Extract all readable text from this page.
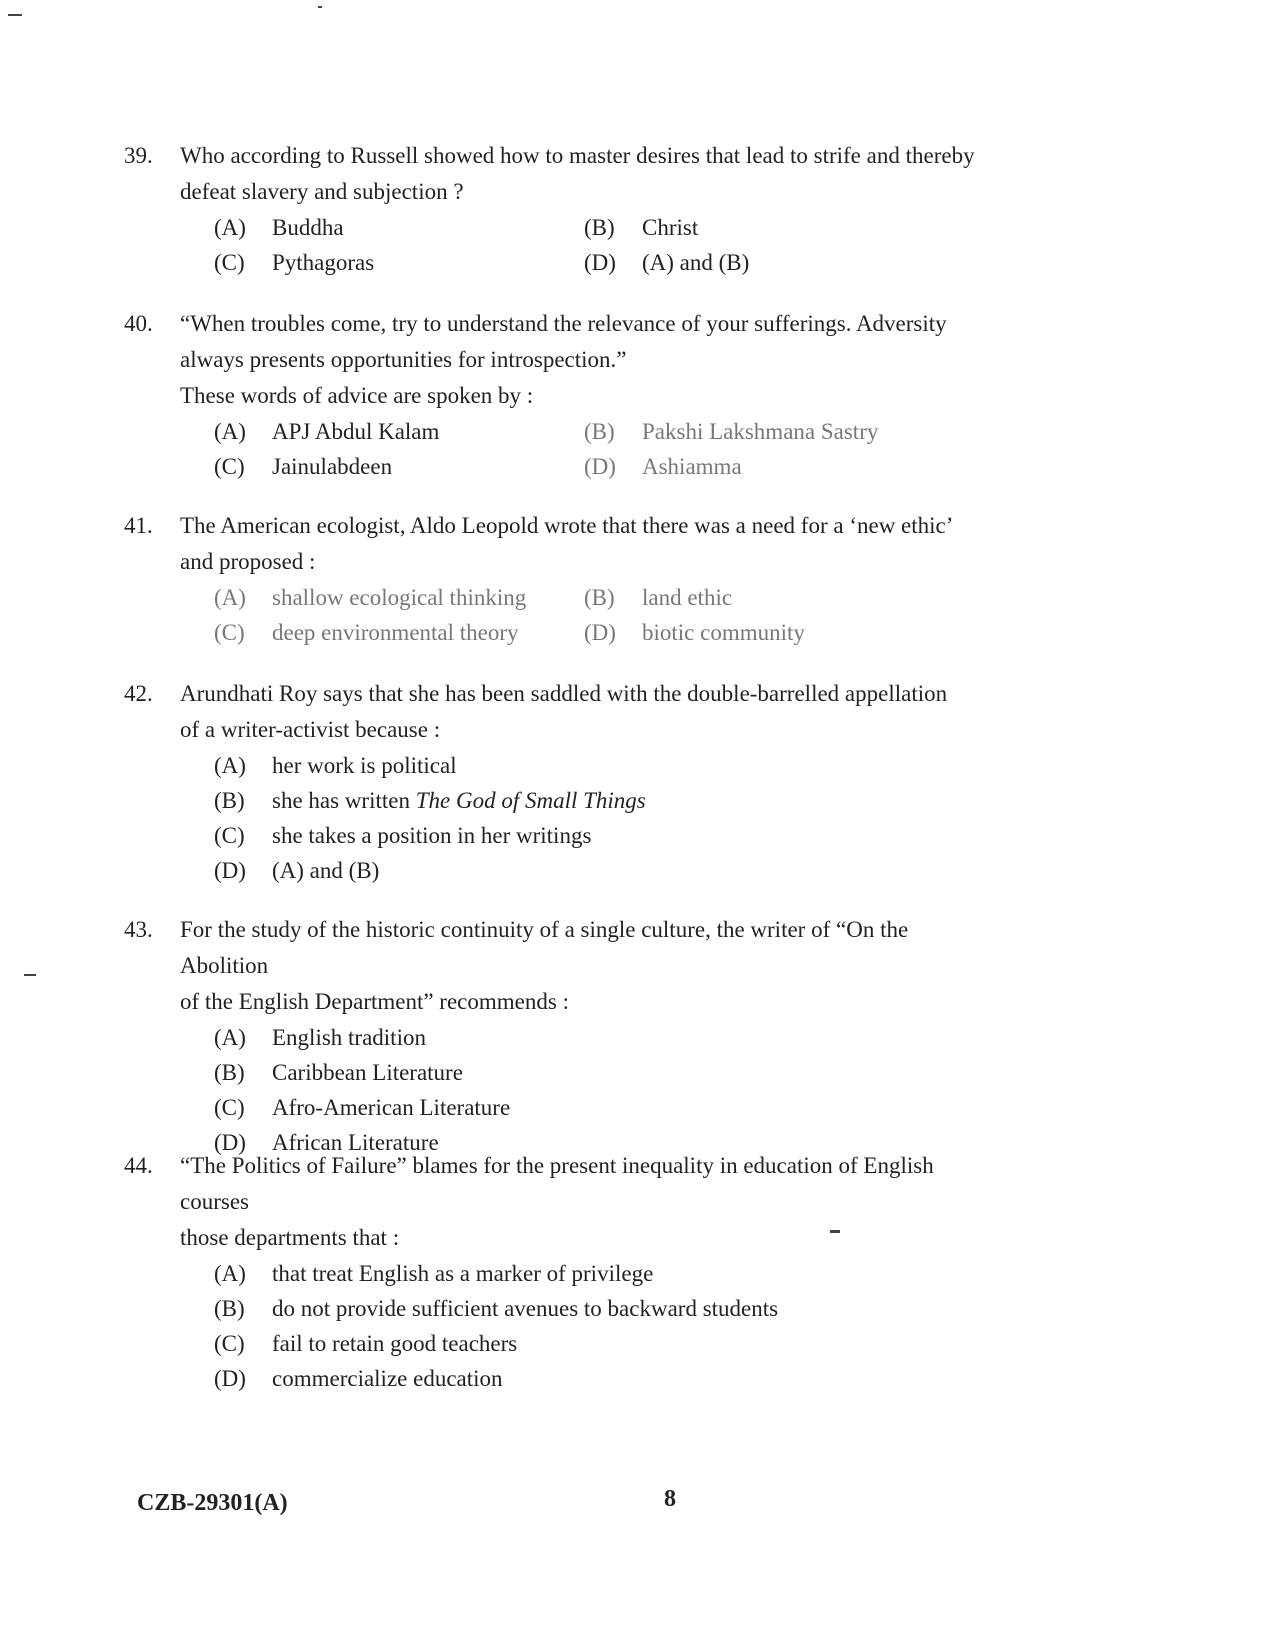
39. Who according to Russell showed how to master desires that lead to strife and thereby
defeat slavery and subjection ?
(A)	Buddha	(B)	Christ
(C)	Pythagoras	(D)	(A) and (B)
40. “When troubles come, try to understand the relevance of your sufferings. Adversity
always presents opportunities for introspection.”
These words of advice are spoken by :
(A)	APJ Abdul Kalam	(B)	Pakshi Lakshmana Sastry
(C)	Jainulabdeen	(D)	Ashiamma
41. The American ecologist, Aldo Leopold wrote that there was a need for a ‘new ethic’
and proposed :
(A)	shallow ecological thinking	(B)	land ethic
(C)	deep environmental theory	(D)	biotic community
42. Arundhati Roy says that she has been saddled with the double-barrelled appellation
of a writer-activist because :
(A)	her work is political
(B)	she has written The God of Small Things
(C)	she takes a position in her writings
(D)	(A) and (B)
43. For the study of the historic continuity of a single culture, the writer of “On the Abolition
of the English Department” recommends :
(A)	English tradition
(B)	Caribbean Literature
(C)	Afro-American Literature
(D)	African Literature
44. “The Politics of Failure” blames for the present inequality in education of English courses
those departments that :
(A)	that treat English as a marker of privilege
(B)	do not provide sufficient avenues to backward students
(C)	fail to retain good teachers
(D)	commercialize education
CZB-29301(A)	8
